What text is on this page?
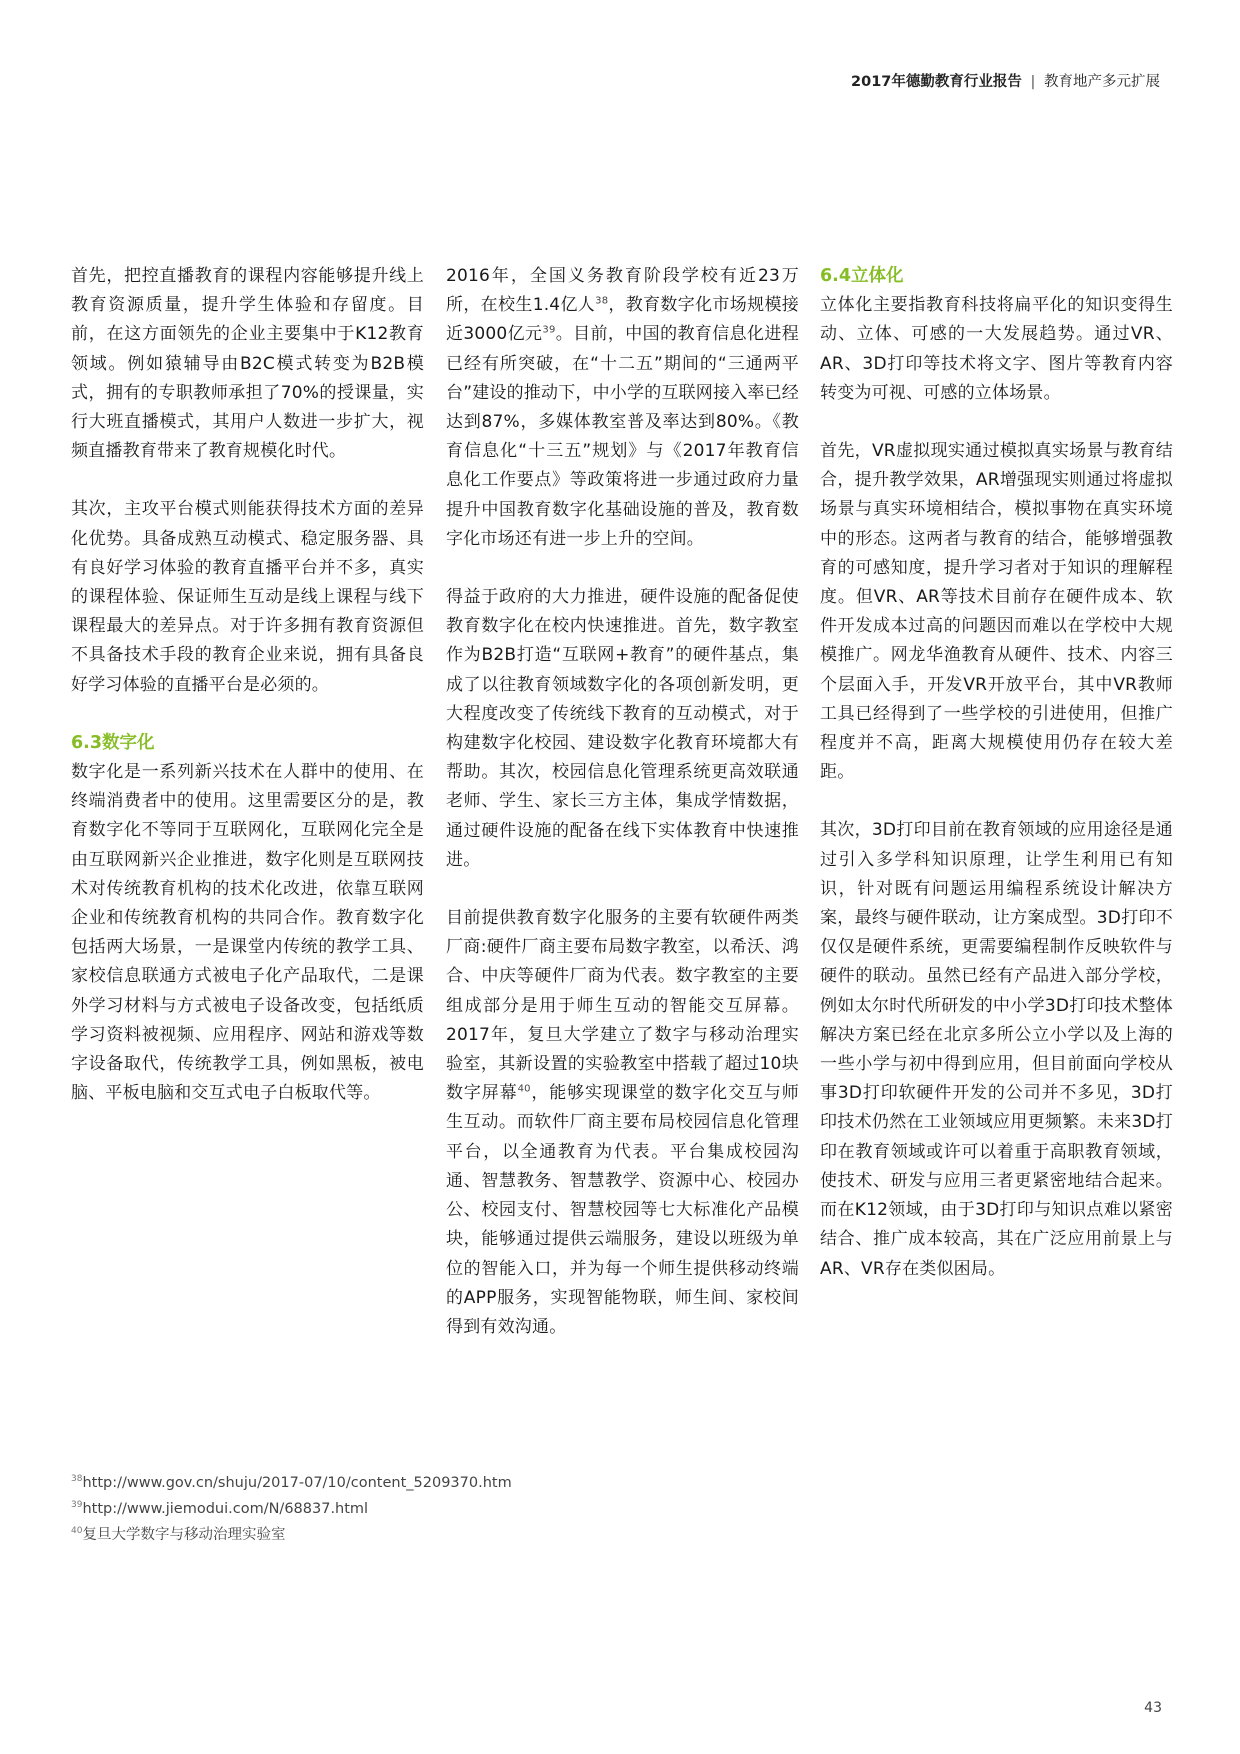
2017年德勤教育行业报告 | 教育地产多元扩展

首先，把控直播教育的课程内容能够提升线上教育资源质量，提升学生体验和存留度。目前，在这方面领先的企业主要集中于K12教育领域。例如猿辅导由B2C模式转变为B2B模式，拥有的专职教师承担了70%的授课量，实行大班直播模式，其用户人数进一步扩大，视频直播教育带来了教育规模化时代。

其次，主攻平台模式则能获得技术方面的差异化优势。具备成熟互动模式、稳定服务器、具有良好学习体验的教育直播平台并不多，真实的课程体验、保证师生互动是线上课程与线下课程最大的差异点。对于许多拥有教育资源但不具备技术手段的教育企业来说，拥有具备良好学习体验的直播平台是必须的。

6.3数字化

数字化是一系列新兴技术在人群中的使用、在终端消费者中的使用。这里需要区分的是，教育数字化不等同于互联网化，互联网化完全是由互联网新兴企业推进，数字化则是互联网技术对传统教育机构的技术化改进，依靠互联网企业和传统教育机构的共同合作。教育数字化包括两大场景，一是课堂内传统的教学工具、家校信息联通方式被电子化产品取代，二是课外学习材料与方式被电子设备改变，包括纸质学习资料被视频、应用程序、网站和游戏等数字设备取代，传统教学工具，例如黑板，被电脑、平板电脑和交互式电子白板取代等。

2016年，全国义务教育阶段学校有近23万所，在校生1.4亿人$^{38}$，教育数字化市场规模接近3000亿元$^{39}$。目前，中国的教育信息化进程已经有所突破，在“十二五”期间的“三通两平台”建设的推动下，中小学的互联网接入率已经达到87%，多媒体教室普及率达到80%。《教育信息化“十三五”规划》与《2017年教育信息化工作要点》等政策将进一步通过政府力量提升中国教育数字化基础设施的普及，教育数字化市场还有进一步上升的空间。

得益于政府的大力推进，硬件设施的配备促使教育数字化在校内快速推进。首先，数字教室作为B2B打造“互联网+教育”的硬件基点，集成了以往教育领域数字化的各项创新发明，更大程度改变了传统线下教育的互动模式，对于构建数字化校园、建设数字化教育环境都大有帮助。其次，校园信息化管理系统更高效联通老师、学生、家长三方主体，集成学情数据，通过硬件设施的配备在线下实体教育中快速推进。

目前提供教育数字化服务的主要有软硬件两类厂商:硬件厂商主要布局数字教室，以希沃、鸿合、中庆等硬件厂商为代表。数字教室的主要组成部分是用于师生互动的智能交互屏幕。2017年，复旦大学建立了数字与移动治理实验室，其新设置的实验教室中搭载了超过10块数字屏幕$^{40}$，能够实现课堂的数字化交互与师生互动。而软件厂商主要布局校园信息化管理平台，以全通教育为代表。平台集成校园沟通、智慧教务、智慧教学、资源中心、校园办公、校园支付、智慧校园等七大标准化产品模块，能够通过提供云端服务，建设以班级为单位的智能入口，并为每一个师生提供移动终端的APP服务，实现智能物联，师生间、家校间得到有效沟通。

6.4立体化

立体化主要指教育科技将扁平化的知识变得生动、立体、可感的一大发展趋势。通过VR、AR、3D打印等技术将文字、图片等教育内容转变为可视、可感的立体场景。

首先，VR虚拟现实通过模拟真实场景与教育结合，提升教学效果，AR增强现实则通过将虚拟场景与真实环境相结合，模拟事物在真实环境中的形态。这两者与教育的结合，能够增强教育的可感知度，提升学习者对于知识的理解程度。但VR、AR等技术目前存在硬件成本、软件开发成本过高的问题因而难以在学校中大规模推广。网龙华渔教育从硬件、技术、内容三个层面入手，开发VR开放平台，其中VR教师工具已经得到了一些学校的引进使用，但推广程度并不高，距离大规模使用仍存在较大差距。

其次，3D打印目前在教育领域的应用途径是通过引入多学科知识原理，让学生利用已有知识，针对既有问题运用编程系统设计解决方案，最终与硬件联动，让方案成型。3D打印不仅仅是硬件系统，更需要编程制作反映软件与硬件的联动。虽然已经有产品进入部分学校，例如太尔时代所研发的中小学3D打印技术整体解决方案已经在北京多所公立小学以及上海的一些小学与初中得到应用，但目前面向学校从事3D打印软硬件开发的公司并不多见，3D打印技术仍然在工业领域应用更频繁。未来3D打印在教育领域或许可以着重于高职教育领域，使技术、研发与应用三者更紧密地结合起来。而在K12领域，由于3D打印与知识点难以紧密结合、推广成本较高，其在广泛应用前景上与AR、VR存在类似困局。

$^{38}$http://www.gov.cn/shuju/2017-07/10/content_5209370.htm
$^{39}$http://www.jiemodui.com/N/68837.html
$^{40}$复旦大学数字与移动治理实验室
43
